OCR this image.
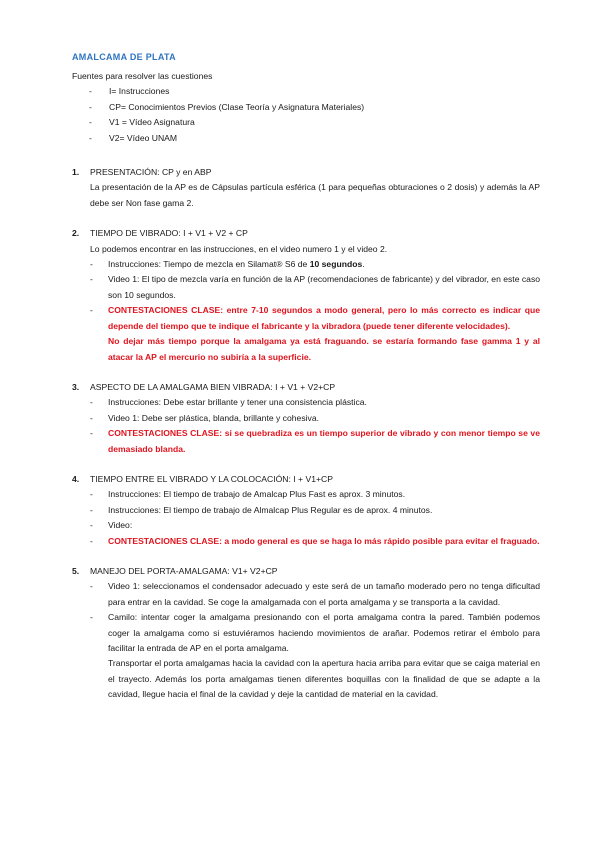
AMALCAMA DE PLATA
Fuentes para resolver las cuestiones
- I= Instrucciones
- CP= Conocimientos Previos (Clase Teoría y Asignatura Materiales)
- V1 = Vídeo Asignatura
- V2= Vídeo UNAM
1. PRESENTACIÓN: CP y en ABP
La presentación de la AP es de Cápsulas partícula esférica (1 para pequeñas obturaciones o 2 dosis) y además la AP debe ser Non fase gama 2.
2. TIEMPO DE VIBRADO: I + V1 + V2 + CP
Lo podemos encontrar en las instrucciones, en el video numero 1 y el video 2.
- Instrucciones: Tiempo de mezcla en Silamat® S6 de 10 segundos.
- Video 1: El tipo de mezcla varía en función de la AP (recomendaciones de fabricante) y del vibrador, en este caso son 10 segundos.
- CONTESTACIONES CLASE: entre 7-10 segundos a modo general, pero lo más correcto es indicar que depende del tiempo que te indique el fabricante y la vibradora (puede tener diferente velocidades).
No dejar más tiempo porque la amalgama ya está fraguando. se estaría formando fase gamma 1 y al atacar la AP el mercurio no subiría a la superficie.
3. ASPECTO DE LA AMALGAMA BIEN VIBRADA: I + V1 + V2+CP
- Instrucciones: Debe estar brillante y tener una consistencia plástica.
- Video 1: Debe ser plástica, blanda, brillante y cohesiva.
- CONTESTACIONES CLASE: si se quebradiza es un tiempo superior de vibrado y con menor tiempo se ve demasiado blanda.
4. TIEMPO ENTRE EL VIBRADO Y LA COLOCACIÓN: I + V1+CP
- Instrucciones: El tiempo de trabajo de Amalcap Plus Fast es aprox. 3 minutos.
- Instrucciones: El tiempo de trabajo de Almalcap Plus Regular es de aprox. 4 minutos.
- Video:
- CONTESTACIONES CLASE: a modo general es que se haga lo más rápido posible para evitar el fraguado.
5. MANEJO DEL PORTA-AMALGAMA: V1+ V2+CP
- Video 1: seleccionamos el condensador adecuado y este será de un tamaño moderado pero no tenga dificultad para entrar en la cavidad. Se coge la amalgamada con el porta amalgama y se transporta a la cavidad.
- Camilo: intentar coger la amalgama presionando con el porta amalgama contra la pared. También podemos coger la amalgama como si estuviéramos haciendo movimientos de arañar. Podemos retirar el émbolo para facilitar la entrada de AP en el porta amalgama.
Transportar el porta amalgamas hacia la cavidad con la apertura hacia arriba para evitar que se caiga material en el trayecto. Además los porta amalgamas tienen diferentes boquillas con la finalidad de que se adapte a la cavidad, llegue hacia el final de la cavidad y deje la cantidad de material en la cavidad.
